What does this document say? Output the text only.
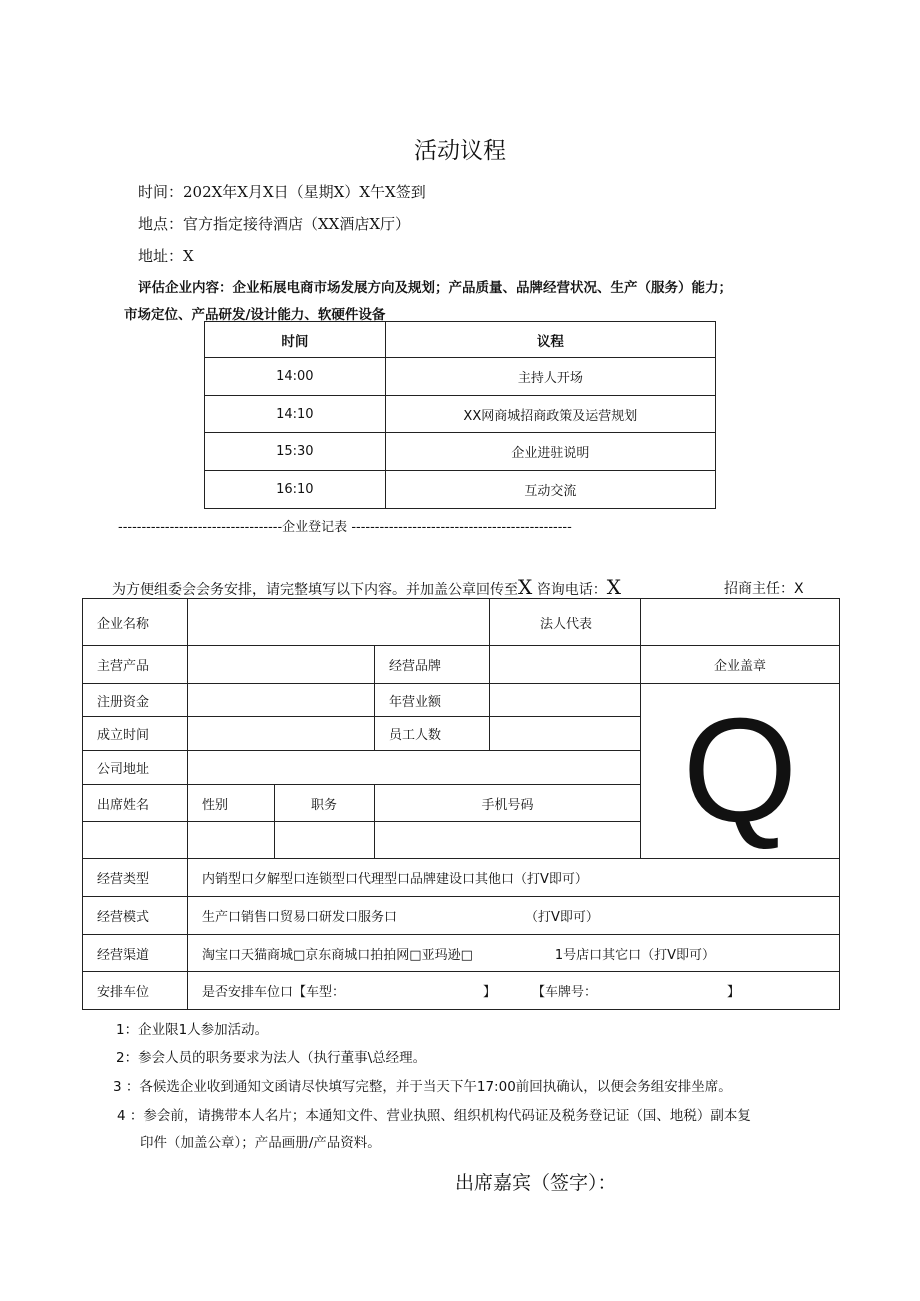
活动议程
时间：202X年X月X日（星期X）X午X签到
地点：官方指定接待酒店（XX酒店X厅）
地址：X
评估企业内容：企业柘展电商市场发展方向及规划；产品质量、品牌经营状况、生产（服务）能力；
市场定位、产品研发/设计能力、软硬件设备
时间	议程
14:00	主持人开场
14:10	XX网商城招商政策及运营规划
15:30	企业进驻说明
16:10	互动交流
-----------------------------------企业登记表 -----------------------------------------------
为方便组委会会务安排，请完整填写以下内容。并加盖公章回传至X 咨询电话：X	招商主任：X
企业名称				法人代表	
主营产品			经营品牌		企业盖章
注册资金			年营业额		Q
成立时间			员工人数		
公司地址					
出席姓名	性别	职务	手机号码		

经营类型	内销型口夕解型口连锁型口代理型口品牌建设口其他口（打V即可）				
经营模式	生产口销售口贸易口研发口服务口 （打V即可）				
经营渠道	淘宝口天猫商城□京东商城口拍拍网□亚玛逊□ 1号店口其它口（打V即可）				
安排车位	是否安排车位口【车型： 】 【车牌号： 】				
1：企业限1人参加活动。
2：参会人员的职务要求为法人（执行董事\总经理。
3 ：各候选企业收到通知文函请尽快填写完整，并于当天下午17:00前回执确认，以便会务组安排坐席。
4 ：参会前，请携带本人名片；本通知文件、营业执照、组织机构代码证及税务登记证（国、地税）副本复
印件（加盖公章）；产品画册/产品资料。
出席嘉宾（签字）：
